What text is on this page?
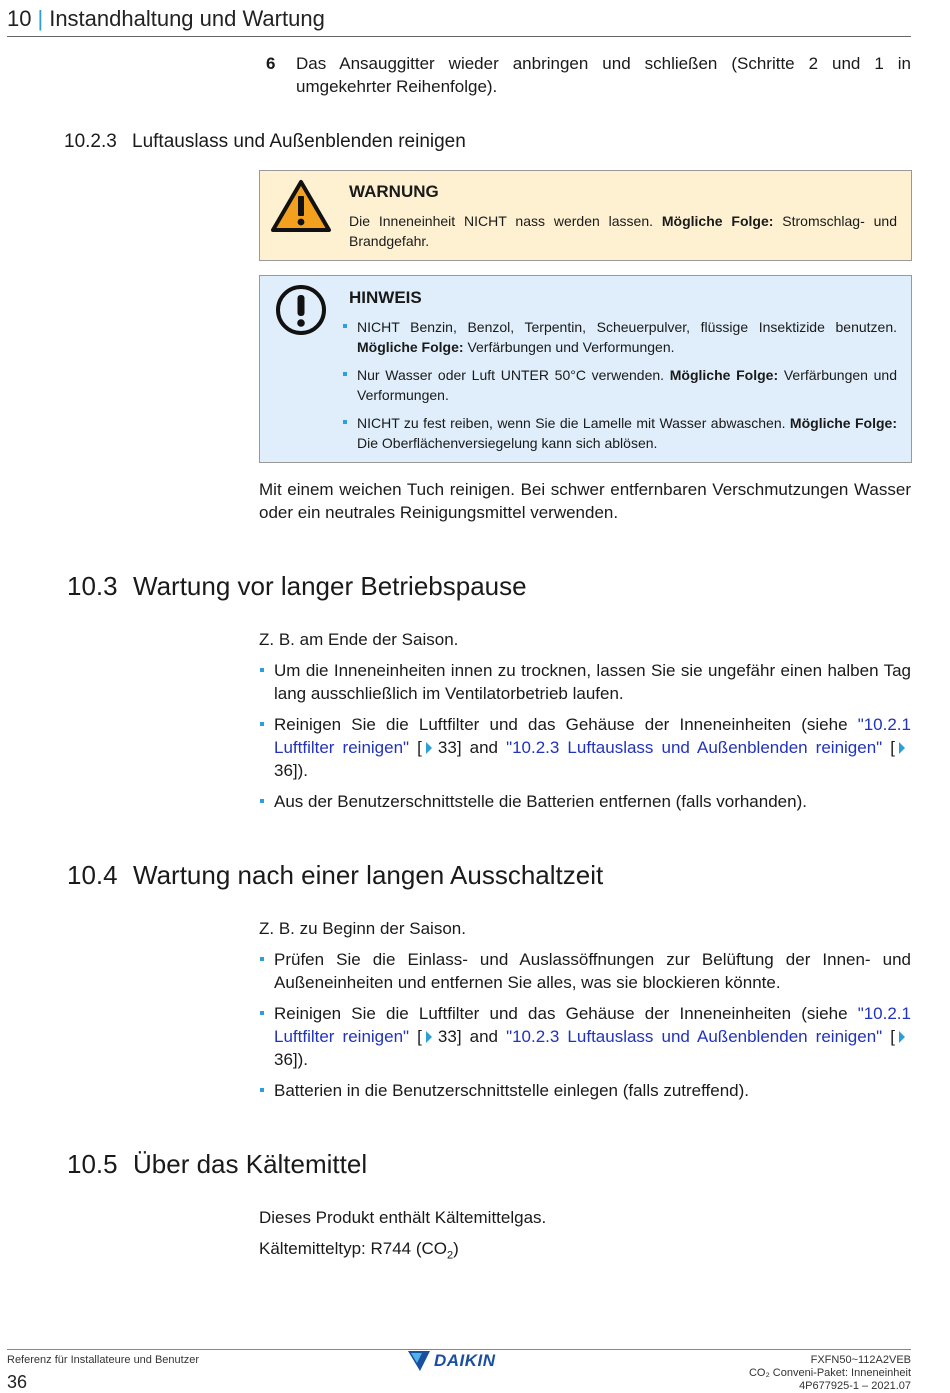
10 | Instandhaltung und Wartung
6 Das Ansauggitter wieder anbringen und schließen (Schritte 2 und 1 in umgekehrter Reihenfolge).
10.2.3 Luftauslass und Außenblenden reinigen
WARNUNG
Die Inneneinheit NICHT nass werden lassen. Mögliche Folge: Stromschlag- und Brandgefahr.
HINWEIS
NICHT Benzin, Benzol, Terpentin, Scheuerpulver, flüssige Insektizide benutzen. Mögliche Folge: Verfärbungen und Verformungen.
Nur Wasser oder Luft UNTER 50°C verwenden. Mögliche Folge: Verfärbungen und Verformungen.
NICHT zu fest reiben, wenn Sie die Lamelle mit Wasser abwaschen. Mögliche Folge: Die Oberflächenversiegelung kann sich ablösen.
Mit einem weichen Tuch reinigen. Bei schwer entfernbaren Verschmutzungen Wasser oder ein neutrales Reinigungsmittel verwenden.
10.3 Wartung vor langer Betriebspause
Z. B. am Ende der Saison.
Um die Inneneinheiten innen zu trocknen, lassen Sie sie ungefähr einen halben Tag lang ausschließlich im Ventilatorbetrieb laufen.
Reinigen Sie die Luftfilter und das Gehäuse der Inneneinheiten (siehe "10.2.1 Luftfilter reinigen" [ 33] and "10.2.3 Luftauslass und Außenblenden reinigen" [36]).
Aus der Benutzerschnittstelle die Batterien entfernen (falls vorhanden).
10.4 Wartung nach einer langen Ausschaltzeit
Z. B. zu Beginn der Saison.
Prüfen Sie die Einlass- und Auslassöffnungen zur Belüftung der Innen- und Außeneinheiten und entfernen Sie alles, was sie blockieren könnte.
Reinigen Sie die Luftfilter und das Gehäuse der Inneneinheiten (siehe "10.2.1 Luftfilter reinigen" [ 33] and "10.2.3 Luftauslass und Außenblenden reinigen" [36]).
Batterien in die Benutzerschnittstelle einlegen (falls zutreffend).
10.5 Über das Kältemittel
Dieses Produkt enthält Kältemittelgas.
Kältemitteltyp: R744 $(CO_2)$
Referenz für Installateure und Benutzer
36
DAIKIN	FXFN50~112A2VEB
CO₂ Conveni-Paket: Inneneinheit
4P677925-1 – 2021.07
